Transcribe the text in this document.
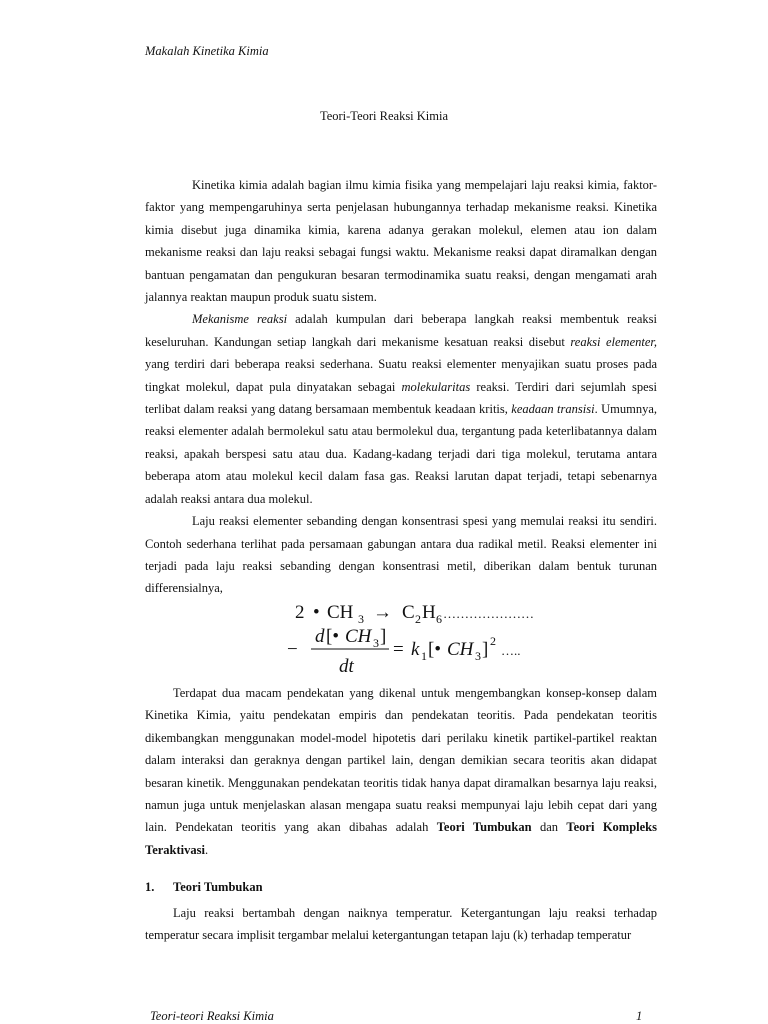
Makalah Kinetika Kimia
Teori-Teori Reaksi Kimia

Kinetika kimia adalah bagian ilmu kimia fisika yang mempelajari laju reaksi kimia, faktor-faktor yang mempengaruhinya serta penjelasan hubungannya terhadap mekanisme reaksi. Kinetika kimia disebut juga dinamika kimia, karena adanya gerakan molekul, elemen atau ion dalam mekanisme reaksi dan laju reaksi sebagai fungsi waktu. Mekanisme reaksi dapat diramalkan dengan bantuan pengamatan dan pengukuran besaran termodinamika suatu reaksi, dengan mengamati arah jalannya reaktan maupun produk suatu sistem.

Mekanisme reaksi adalah kumpulan dari beberapa langkah reaksi membentuk reaksi keseluruhan. Kandungan setiap langkah dari mekanisme kesatuan reaksi disebut reaksi elementer, yang terdiri dari beberapa reaksi sederhana. Suatu reaksi elementer menyajikan suatu proses pada tingkat molekul, dapat pula dinyatakan sebagai molekularitas reaksi. Terdiri dari sejumlah spesi terlibat dalam reaksi yang datang bersamaan membentuk keadaan kritis, keadaan transisi. Umumnya, reaksi elementer adalah bermolekul satu atau bermolekul dua, tergantung pada keterlibatannya dalam reaksi, apakah berspesi satu atau dua. Kadang-kadang terjadi dari tiga molekul, terutama antara beberapa atom atau molekul kecil dalam fasa gas. Reaksi larutan dapat terjadi, tetapi sebenarnya adalah reaksi antara dua molekul.

Laju reaksi elementer sebanding dengan konsentrasi spesi yang memulai reaksi itu sendiri. Contoh sederhana terlihat pada persamaan gabungan antara dua radikal metil. Reaksi elementer ini terjadi pada laju reaksi sebanding dengan konsentrasi metil, diberikan dalam bentuk turunan differensialnya,

2 • CH 3 → C 2 H 6 …………………
−
d [• CH 3 ]
dt
= k 1 [• CH 3 ] 2
…..

Terdapat dua macam pendekatan yang dikenal untuk mengembangkan konsep-konsep dalam Kinetika Kimia, yaitu pendekatan empiris dan pendekatan teoritis. Pada pendekatan teoritis dikembangkan menggunakan model-model hipotetis dari perilaku kinetik partikel-partikel reaktan dalam interaksi dan geraknya dengan partikel lain, dengan demikian secara teoritis akan didapat besaran kinetik. Menggunakan pendekatan teoritis tidak hanya dapat diramalkan besarnya laju reaksi, namun juga untuk menjelaskan alasan mengapa suatu reaksi mempunyai laju lebih cepat dari yang lain. Pendekatan teoritis yang akan dibahas adalah Teori Tumbukan dan Teori Kompleks Teraktivasi.

1. Teori Tumbukan

Laju reaksi bertambah dengan naiknya temperatur. Ketergantungan laju reaksi terhadap temperatur secara implisit tergambar melalui ketergantungan tetapan laju (k) terhadap temperatur

Teori-teori Reaksi Kimia	1
